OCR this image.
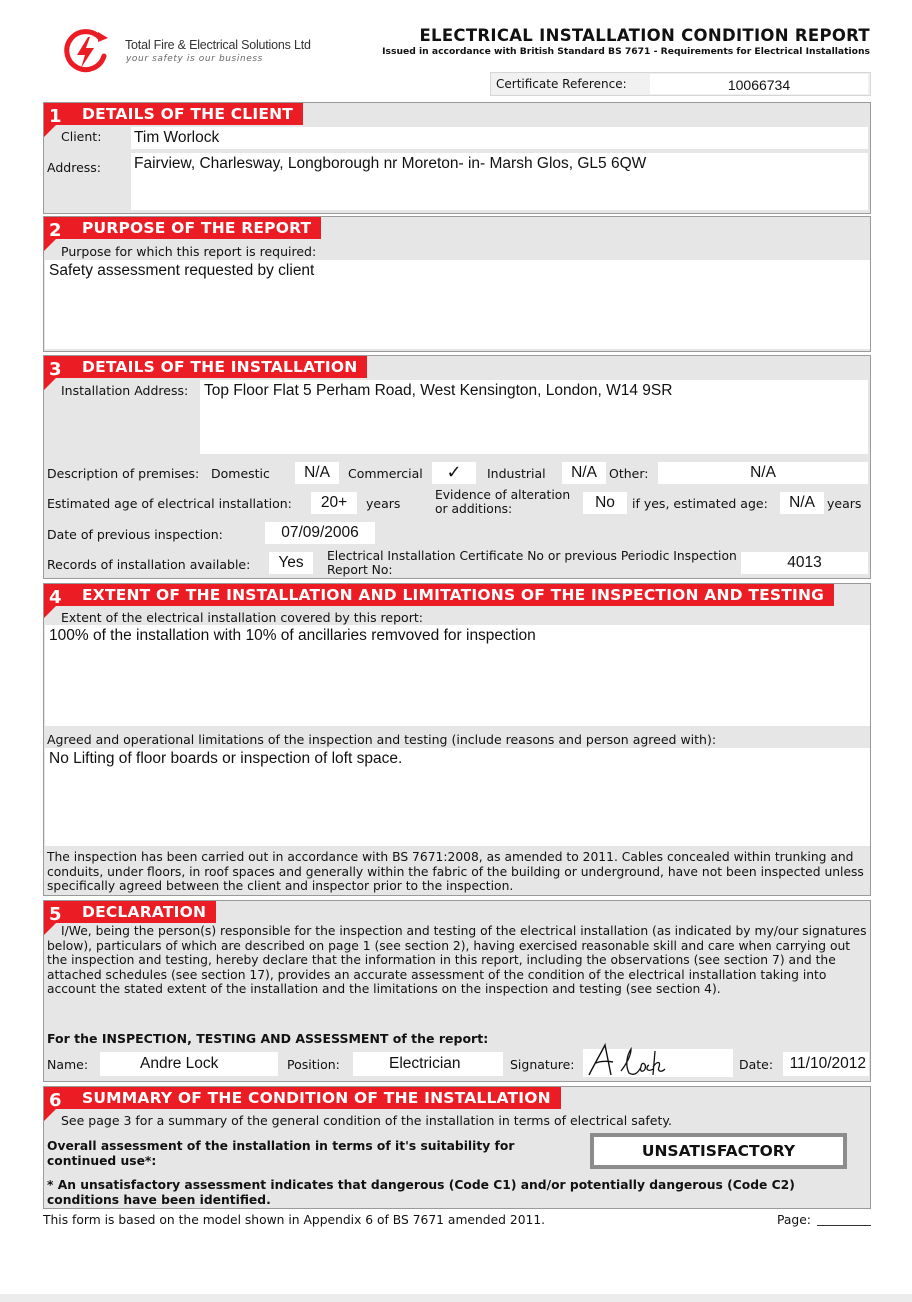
Total Fire & Electrical Solutions Ltd
your safety is our business
ELECTRICAL INSTALLATION CONDITION REPORT
Issued in accordance with British Standard BS 7671 - Requirements for Electrical Installations
Certificate Reference:	10066734
1 DETAILS OF THE CLIENT
Client: Tim Worlock
Address: Fairview, Charlesway, Longborough nr Moreton- in- Marsh Glos, GL5 6QW
2 PURPOSE OF THE REPORT
Purpose for which this report is required:
Safety assessment requested by client
3 DETAILS OF THE INSTALLATION
Installation Address: Top Floor Flat 5 Perham Road, West Kensington, London, W14 9SR
Description of premises: Domestic	N/A	Commercial	✓	Industrial	N/A Other:	N/A
Estimated age of electrical installation:	20+	years
Evidence of alteration
or additions:	No	if yes, estimated age:	N/A years
Date of previous inspection:	07/09/2006
Records of installation available:	Yes	Electrical Installation Certificate No or previous Periodic Inspection
Report No:	4013
4 EXTENT OF THE INSTALLATION AND LIMITATIONS OF THE INSPECTION AND TESTING
Extent of the electrical installation covered by this report:
100% of the installation with 10% of ancillaries remvoved for inspection
Agreed and operational limitations of the inspection and testing (include reasons and person agreed with):
No Lifting of floor boards or inspection of loft space.
The inspection has been carried out in accordance with BS 7671:2008, as amended to 2011. Cables concealed within trunking and conduits, under floors, in roof spaces and generally within the fabric of the building or underground, have not been inspected unless specifically agreed between the client and inspector prior to the inspection.
5 DECLARATION
I/We, being the person(s) responsible for the inspection and testing of the electrical installation (as indicated by my/our signatures below), particulars of which are described on page 1 (see section 2), having exercised reasonable skill and care when carrying out the inspection and testing, hereby declare that the information in this report, including the observations (see section 7) and the attached schedules (see section 17), provides an accurate assessment of the condition of the electrical installation taking into account the stated extent of the installation and the limitations on the inspection and testing (see section 4).
For the INSPECTION, TESTING AND ASSESSMENT of the report:
Name:	Andre Lock	Position:	Electrician	Signature:	Date:	11/10/2012
6 SUMMARY OF THE CONDITION OF THE INSTALLATION
See page 3 for a summary of the general condition of the installation in terms of electrical safety.
Overall assessment of the installation in terms of it's suitability for continued use*:
* An unsatisfactory assessment indicates that dangerous (Code C1) and/or potentially dangerous (Code C2) conditions have been identified.
UNSATISFACTORY
This form is based on the model shown in Appendix 6 of BS 7671 amended 2011.	Page:
